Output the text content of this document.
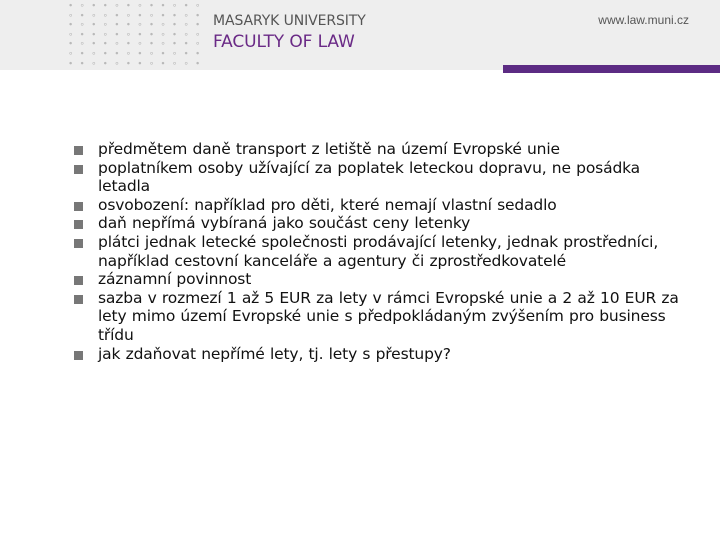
∙ ∘ ∙ ∙ ∘ ∙ ∘ ∙ ∙ ∘ ∙ ∘
∘ ∙ ∘ ∘ ∙ ∘ ∙ ∘ ∙ ∙ ∘ ∙
∙ ∘ ∙ ∘ ∙ ∙ ∘ ∙ ∘ ∙ ∘ ∙
∘ ∙ ∙ ∘ ∙ ∘ ∙ ∙ ∘ ∙ ∘ ∘
∙ ∘ ∙ ∙ ∘ ∙ ∘ ∙ ∘ ∙ ∙ ∘
∘ ∙ ∘ ∙ ∙ ∘ ∙ ∘ ∙ ∘ ∙ ∙
∙ ∙ ∘ ∙ ∘ ∙ ∙ ∘ ∙ ∘ ∘ ∙
MASARYK UNIVERSITY
FACULTY OF LAW
www.law.muni.cz
předmětem daně transport z letiště na území Evropské unie
poplatníkem osoby užívající za poplatek leteckou dopravu, ne posádka letadla
osvobození: například pro děti, které nemají vlastní sedadlo
daň nepřímá vybíraná jako součást ceny letenky
plátci jednak letecké společnosti prodávající letenky, jednak prostředníci, například cestovní kanceláře a agentury či zprostředkovatelé
záznamní povinnost
sazba v rozmezí 1 až 5 EUR za lety v rámci Evropské unie a 2 až 10 EUR za lety mimo území Evropské unie s předpokládaným zvýšením pro business třídu
jak zdaňovat nepřímé lety, tj. lety s přestupy?
